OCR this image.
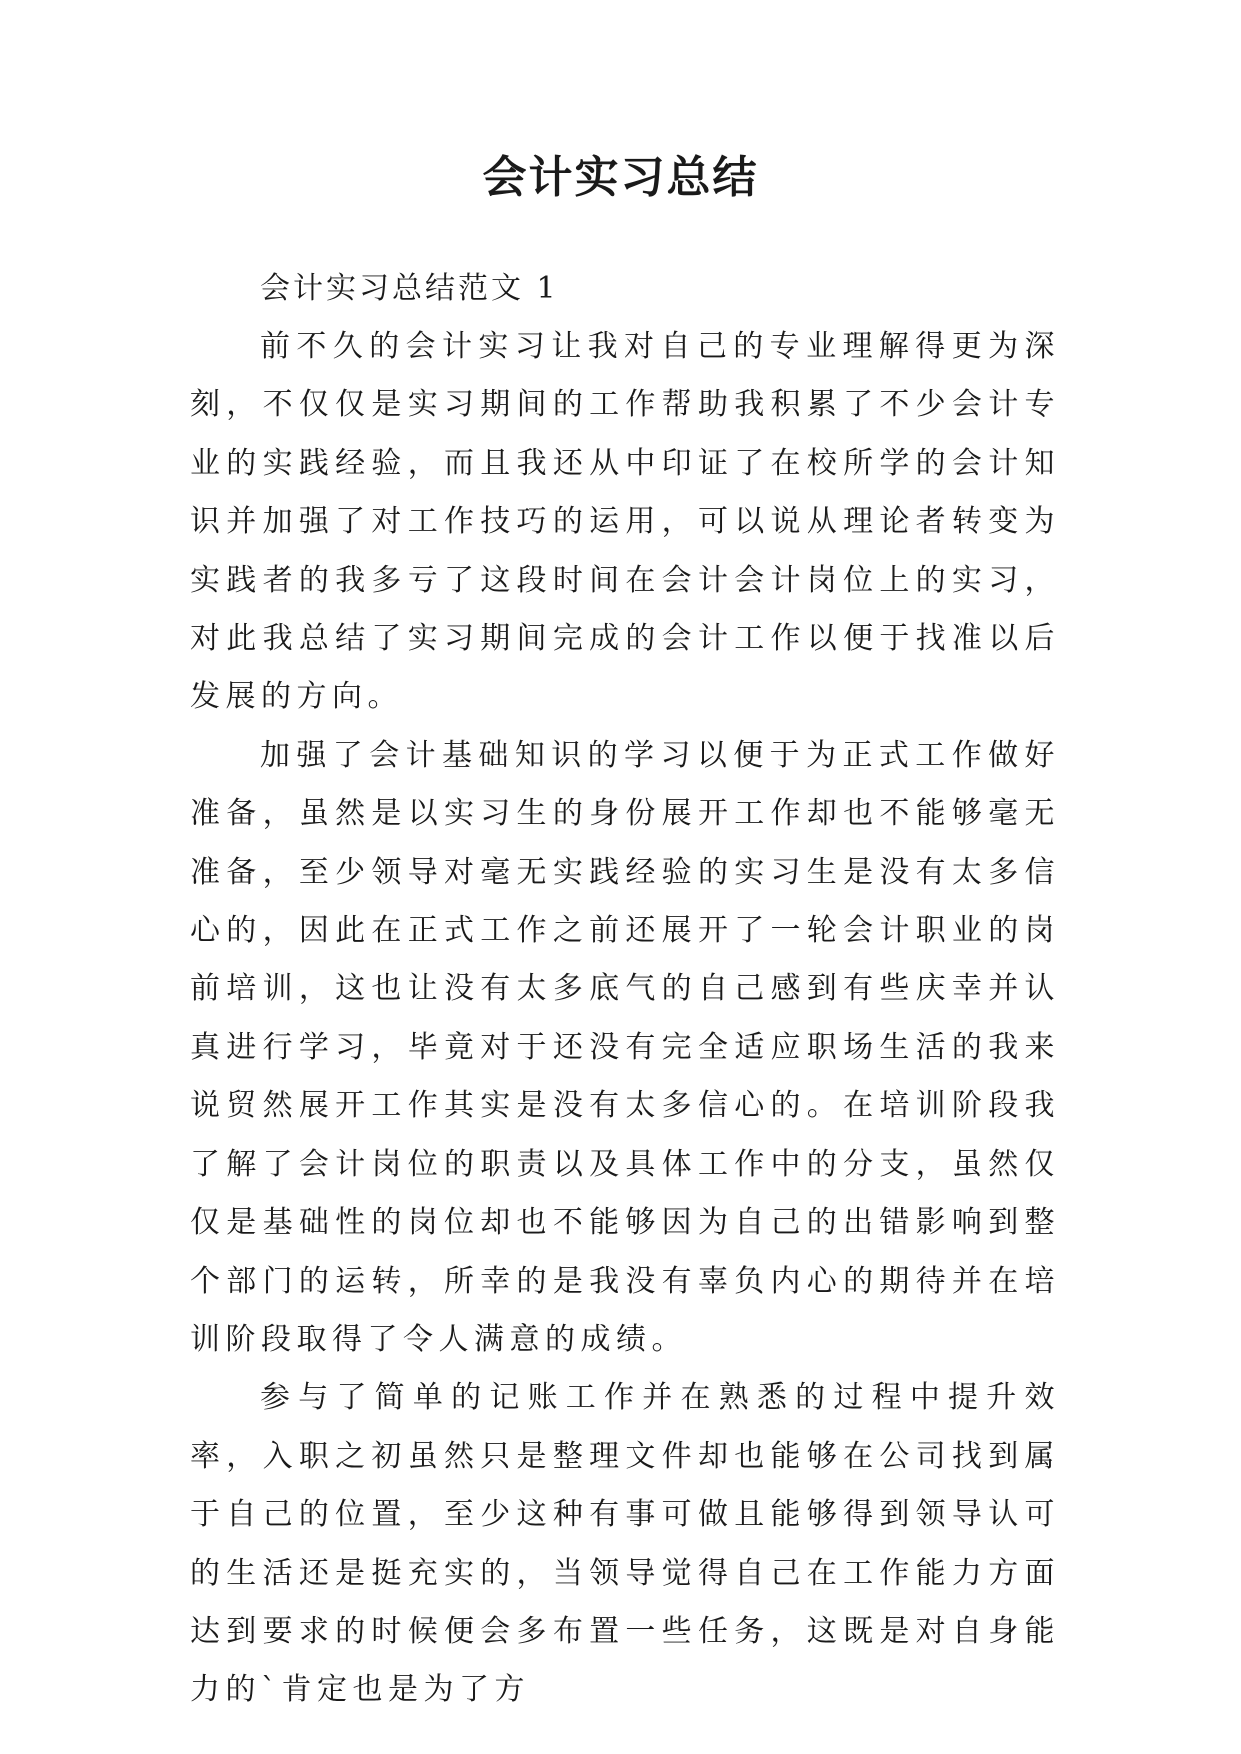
会计实习总结

会计实习总结范文 1

前不久的会计实习让我对自己的专业理解得更为深刻，不仅仅是实习期间的工作帮助我积累了不少会计专业的实践经验，而且我还从中印证了在校所学的会计知识并加强了对工作技巧的运用，可以说从理论者转变为实践者的我多亏了这段时间在会计会计岗位上的实习，对此我总结了实习期间完成的会计工作以便于找准以后发展的方向。

加强了会计基础知识的学习以便于为正式工作做好准备，虽然是以实习生的身份展开工作却也不能够毫无准备，至少领导对毫无实践经验的实习生是没有太多信心的，因此在正式工作之前还展开了一轮会计职业的岗前培训，这也让没有太多底气的自己感到有些庆幸并认真进行学习，毕竟对于还没有完全适应职场生活的我来说贸然展开工作其实是没有太多信心的。在培训阶段我了解了会计岗位的职责以及具体工作中的分支，虽然仅仅是基础性的岗位却也不能够因为自己的出错影响到整个部门的运转，所幸的是我没有辜负内心的期待并在培训阶段取得了令人满意的成绩。

参与了简单的记账工作并在熟悉的过程中提升效率，入职之初虽然只是整理文件却也能够在公司找到属于自己的位置，至少这种有事可做且能够得到领导认可的生活还是挺充实的，当领导觉得自己在工作能力方面达到要求的时候便会多布置一些任务，这既是对自身能力的`肯定也是为了方
